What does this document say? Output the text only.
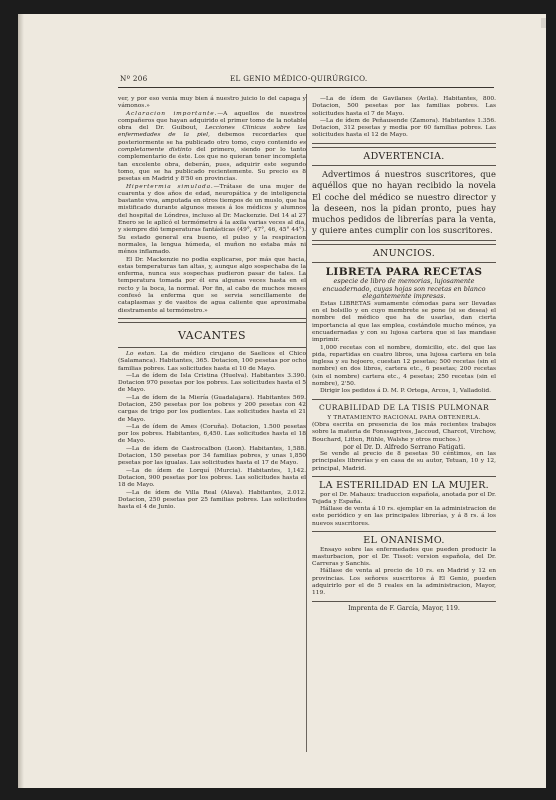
Nº 206	EL GENIO MÉDICO-QUIRÚRGICO.

ver, y por eso venia muy bien á nuestro juicio lo del capaga y vámonos.»

Aclaracion importante.—A aquellos de nuestros compañeros que hayan adquirido el primer tomo de la notable obra del Dr. Guibout, Lecciones Clinicas sobre las enfermedades de la piel, debemos recordarles que posteriormente se ha publicado otro tomo, cuyo contenido es completamente distinto del primero, siendo por lo tanto complementario de éste. Los que no quieran tener incompleta tan excelente obra, deberán, pues, adquirir este segundo tomo, que se ha publicado recientemente. Su precio es 8 pesetas en Madrid y 8'50 en provincias.

Hipertermia simulada.—Trátase de una mujer de cuarenta y dos años de edad, neuropática y de inteligencia bastante viva, amputada en otros tiempos de un muslo, que ha mistificado durante algunos meses á los médicos y alumnos del hospital de Lóndres, incluso al Dr. Mackenzie. Del 14 al 27 Enero se le aplicó el termómetro á la axila varias veces al dia, y siempre dió temperaturas fantásticas (49°, 47°, 46, 45° 44°). Su estado general era bueno, el pulso y la respiracion normales, la lengua húmeda, el muñon no estaba más ni ménos inflamado.

El Dr. Mackenzie no podia explicarse, por más que hacia, estas temperaturas tan altas, y, aunque algo sospechaba de la enferma, nunca sus sospechas pudieron pasar de tales. La temperatura tomada por él era algunas veces hasta en el recto y la boca, la normal. Por fin, al cabo de muchos meses confesó la enferma que se servia sencillamente de cataplasmas y de vasitos de agua caliente que aproximaba diestramente al termómetro.»

VACANTES

Lo estan. La de médico cirujano de Saelices el Chico (Salamanca). Habitantes, 365. Dotacion, 100 pesetas por ocho familias pobres. Las solicitudes hasta el 10 de Mayo.

—La de ídem de Isla Cristina (Huelva). Habitantes 3.390. Dotacion 970 pesetas por los pobres. Las solicitudes hasta el 5 de Mayo.

—La de ídem de la Miería (Guadalajara). Habitantes 569. Dotacion, 250 pesetas por los pobres y 200 pesetas con 42 cargas de trigo por los pudientes. Las solicitudes hasta el 21 de Mayo.

—La de ídem de Ames (Coruña). Dotacion, 1.500 pesetas por los pobres. Habitantes, 6,450. Las solicitudes hasta el 18 de Mayo.

—La de ídem de Castrocalbon (Leon). Habitantes, 1,588. Dotacion, 150 pesetas por 34 familias pobres, y unas 1,850 pesetas por las igualas. Las solicitudes hasta el 17 de Mayo.

—La de ídem de Lorquí (Murcia). Habitantes, 1,142. Dotacion, 900 pesetas por los pobres. Las solicitudes hasta el 18 de Mayo.

—La de ídem de Villa Real (Alava). Habitantes, 2.012. Dotacion, 250 pesetas por 25 familias pobres. Las solicitudes hasta el 4 de Junio.

—La de ídem de Gavilanes (Avila). Habitantes, 800. Dotacion, 500 pesetas por las familias pobres. Las solicitudes hasta el 7 de Mayo.

—La de ídem de Peñausende (Zamora). Habitantes 1.356. Dotacion, 312 pesetas y media por 60 familias pobres. Las solicitudes hasta el 12 de Mayo.

ADVERTENCIA.

Advertimos á nuestros suscritores, que aquéllos que no hayan recibido la novela El coche del médico se nuestro director y la deseen, nos la pidan pronto, pues hay muchos pedidos de librerías para la venta, y quiere antes cumplir con los suscritores.

ANUNCIOS.
LIBRETA PARA RECETAS
especie de libro de memorias, lujosamente encuadernado, cuyas hojas son recetas en blanco elegantemente impresas.

Estas LIBRETAS sumamente cómodas para ser llevadas en el bolsillo y en cuyo membrete se pone (si se desea) el nombre del médico que ha de usarlas, dan cierta importancia al que las emplea, costándole mucho ménos, ya encuadernadas y con su lujosa cartera que si las mandase imprimir.

1,000 recetas con el nombre, domicilio, etc. del que las pida, repartidas en cuatro libros, una lujosa cartera en tela inglesa y su hojoero, cuestan 12 pesetas; 500 recetas (sin el nombre) en dos libros, cartera etc., 6 pesetas; 200 recetas (sin el nombre) cartera etc., 4 pesetas; 250 recetas (sin el nombre), 2'50.

Dirigir los pedidos á D. M. P. Ortega, Arcos, 1, Valladolid.

CURABILIDAD DE LA TISIS PULMONAR
Y TRATAMIENTO RACIONAL PARA OBTENERLA.

(Obra escrita en presencia de los más recientes trabajos sobre la materia de Fonssagrives, Jaccoud, Charcot, Virchow, Bouchard, Litten, Rühle, Walshe y otros muchos.)

por el Dr. D. Alfredo Serrano Fatigati.

Se vende al precio de 8 pesetas 50 céntimos, en las principales librerías y en casa de su autor, Tetuan, 10 y 12, principal, Madrid.

LA ESTERILIDAD EN LA MUJER.

por el Dr. Mahaux: traduccion española, anotada por el Dr. Tejada y España.

Hállase de venta á 10 rs. ejemplar en la administracion de este periódico y en las principales librerías, y á 8 rs. á los nuevos suscritores.

EL ONANISMO.

Ensayo sobre las enfermedades que pueden producir la masturbacion, por el Dr. Tissot: version española, del Dr. Carreras y Sanchis.

Hállase de venta al precio de 10 rs. en Madrid y 12 en provincias. Los señores suscritores á El Genio, pueden adquirirlo por el de 5 reales en la administracion, Mayor, 119.

Imprenta de F. García, Mayor, 119.
